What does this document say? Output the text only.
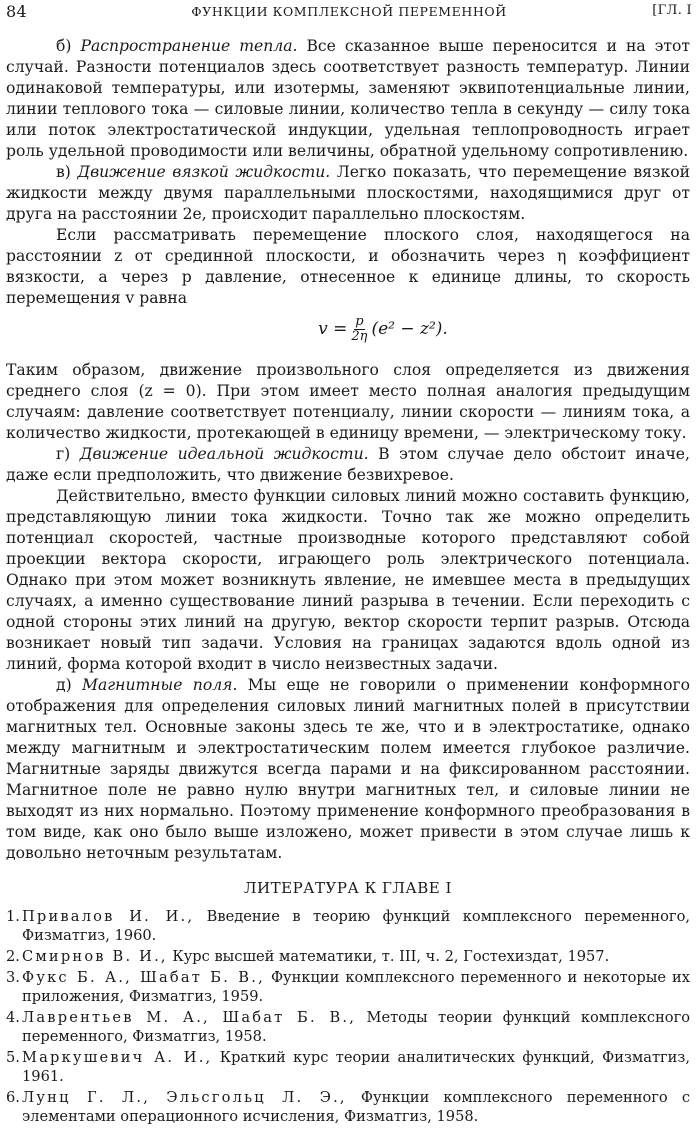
84	ФУНКЦИИ КОМПЛЕКСНОЙ ПЕРЕМЕННОЙ	[ГЛ. I

б) Распространение тепла. Все сказанное выше переносится и на этот случай. Разности потенциалов здесь соответствует разность температур. Линии одинаковой температуры, или изотермы, заменяют эквипотенциальные линии, линии теплового тока — силовые линии, количество тепла в секунду — силу тока или поток электростатической индукции, удельная теплопроводность играет роль удельной проводимости или величины, обратной удельному сопротивлению.

в) Движение вязкой жидкости. Легко показать, что перемещение вязкой жидкости между двумя параллельными плоскостями, находящимися друг от друга на расстоянии 2e, происходит параллельно плоскостям.

Если рассматривать перемещение плоского слоя, находящегося на расстоянии z от срединной плоскости, и обозначить через η коэффициент вязкости, а через p давление, отнесенное к единице длины, то скорость перемещения v равна

$v = \frac{p}{2\eta} (e^2 - z^2)$.

Таким образом, движение произвольного слоя определяется из движения среднего слоя (z = 0). При этом имеет место полная аналогия предыдущим случаям: давление соответствует потенциалу, линии скорости — линиям тока, а количество жидкости, протекающей в единицу времени, — электрическому току.

г) Движение идеальной жидкости. В этом случае дело обстоит иначе, даже если предположить, что движение безвихревое.

Действительно, вместо функции силовых линий можно составить функцию, представляющую линии тока жидкости. Точно так же можно определить потенциал скоростей, частные производные которого представляют собой проекции вектора скорости, играющего роль электрического потенциала. Однако при этом может возникнуть явление, не имевшее места в предыдущих случаях, а именно существование линий разрыва в течении. Если переходить с одной стороны этих линий на другую, вектор скорости терпит разрыв. Отсюда возникает новый тип задачи. Условия на границах задаются вдоль одной из линий, форма которой входит в число неизвестных задачи.

д) Магнитные поля. Мы еще не говорили о применении конформного отображения для определения силовых линий магнитных полей в присутствии магнитных тел. Основные законы здесь те же, что и в электростатике, однако между магнитным и электростатическим полем имеется глубокое различие. Магнитные заряды движутся всегда парами и на фиксированном расстоянии. Магнитное поле не равно нулю внутри магнитных тел, и силовые линии не выходят из них нормально. Поэтому применение конформного преобразования в том виде, как оно было выше изложено, может привести в этом случае лишь к довольно неточным результатам.

ЛИТЕРАТУРА К ГЛАВЕ I
1. Привалов И. И., Введение в теорию функций комплексного переменного, Физматгиз, 1960.
2. Смирнов В. И., Курс высшей математики, т. III, ч. 2, Гостехиздат, 1957.
3. Фукс Б. А., Шабат Б. В., Функции комплексного переменного и некоторые их приложения, Физматгиз, 1959.
4. Лаврентьев М. А., Шабат Б. В., Методы теории функций комплексного переменного, Физматгиз, 1958.
5. Маркушевич А. И., Краткий курс теории аналитических функций, Физматгиз, 1961.
6. Лунц Г. Л., Эльсгольц Л. Э., Функции комплексного переменного с элементами операционного исчисления, Физматгиз, 1958.
